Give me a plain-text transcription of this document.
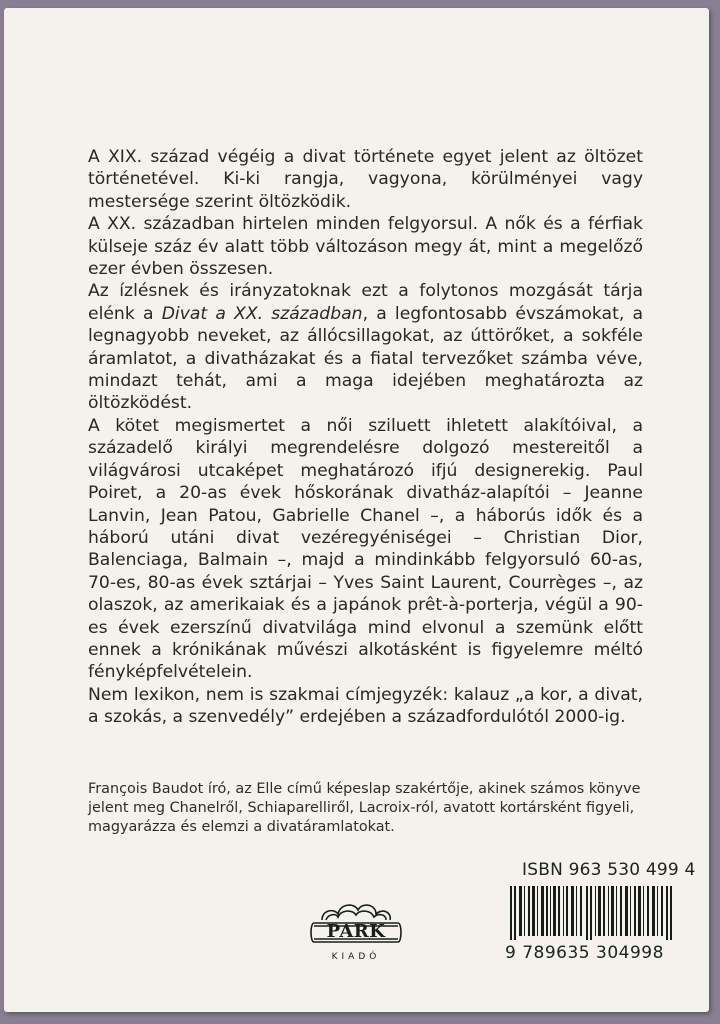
A XIX. század végéig a divat története egyet jelent az öltözet történetével. Ki-ki rangja, vagyona, körülményei vagy mestersége szerint öltözködik.

A XX. században hirtelen minden felgyorsul. A nők és a férfiak külseje száz év alatt több változáson megy át, mint a megelőző ezer évben összesen.

Az ízlésnek és irányzatoknak ezt a folytonos mozgását tárja elénk a Divat a XX. században, a legfontosabb évszámokat, a legnagyobb neveket, az állócsillagokat, az úttörőket, a sokféle áramlatot, a divatházakat és a fiatal tervezőket számba véve, mindazt tehát, ami a maga idejében meghatározta az öltözködést.

A kötet megismertet a női sziluett ihletett alakítóival, a századelő királyi megrendelésre dolgozó mestereitől a világvárosi utcaképet meghatározó ifjú designerekig. Paul Poiret, a 20-as évek hőskorának divatház-alapítói – Jeanne Lanvin, Jean Patou, Gabrielle Chanel –, a háborús idők és a háború utáni divat vezéregyéniségei – Christian Dior, Balenciaga, Balmain –, majd a mindinkább felgyorsuló 60-as, 70-es, 80-as évek sztárjai – Yves Saint Laurent, Courrèges –, az olaszok, az amerikaiak és a japánok prêt-à-porterja, végül a 90-es évek ezerszínű divatvilága mind elvonul a szemünk előtt ennek a krónikának művészi alkotásként is figyelemre méltó fényképfelvételein.

Nem lexikon, nem is szakmai címjegyzék: kalauz „a kor, a divat, a szokás, a szenvedély” erdejében a századfordulótól 2000-ig.

François Baudot író, az Elle című képeslap szakértője, akinek számos könyve jelent meg Chanelről, Schiaparelliről, Lacroix-ról, avatott kortársként figyeli, magyarázza és elemzi a divatáramlatokat.
ISBN 963 530 499 4
9 789635 304998
PARK
KIADÓ
